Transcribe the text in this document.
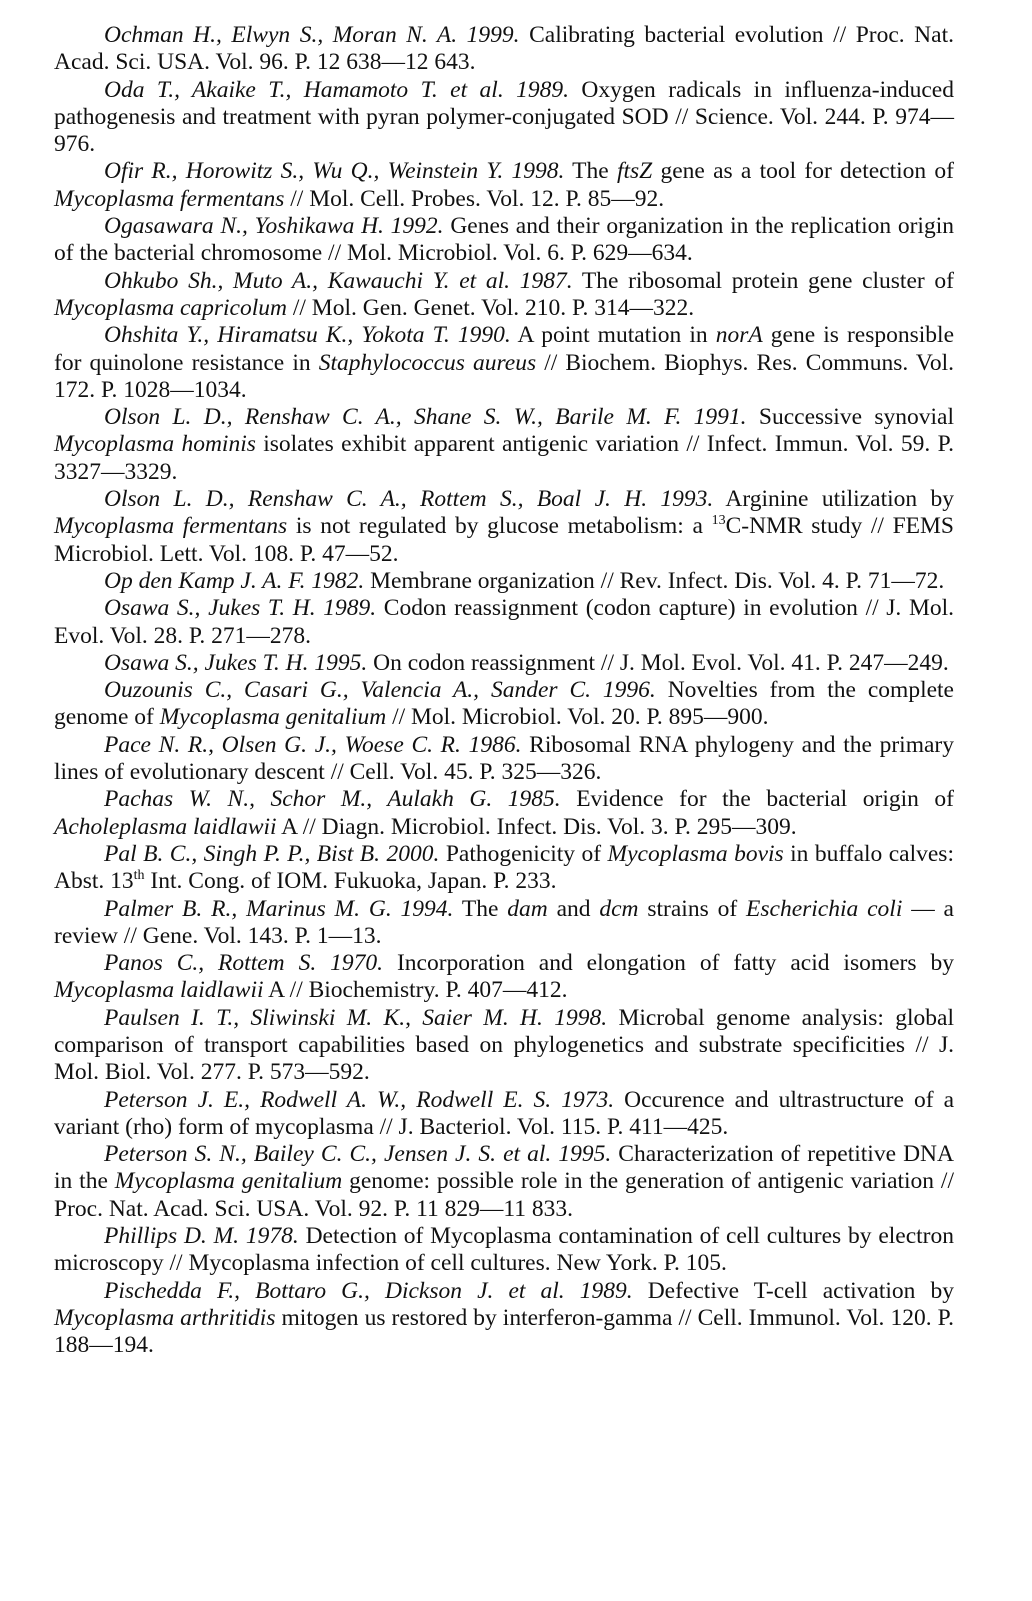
Ochman H., Elwyn S., Moran N. A. 1999. Calibrating bacterial evolution // Proc. Nat. Acad. Sci. USA. Vol. 96. P. 12 638—12 643.

Oda T., Akaike T., Hamamoto T. et al. 1989. Oxygen radicals in influenza-induced pathogenesis and treatment with pyran polymer-conjugated SOD // Science. Vol. 244. P. 974—976.

Ofir R., Horowitz S., Wu Q., Weinstein Y. 1998. The ftsZ gene as a tool for detection of Mycoplasma fermentans // Mol. Cell. Probes. Vol. 12. P. 85—92.

Ogasawara N., Yoshikawa H. 1992. Genes and their organization in the replication origin of the bacterial chromosome // Mol. Microbiol. Vol. 6. P. 629—634.

Ohkubo Sh., Muto A., Kawauchi Y. et al. 1987. The ribosomal protein gene cluster of Mycoplasma capricolum // Mol. Gen. Genet. Vol. 210. P. 314—322.

Ohshita Y., Hiramatsu K., Yokota T. 1990. A point mutation in norA gene is responsible for quinolone resistance in Staphylococcus aureus // Biochem. Biophys. Res. Communs. Vol. 172. P. 1028—1034.

Olson L. D., Renshaw C. A., Shane S. W., Barile M. F. 1991. Successive synovial Mycoplasma hominis isolates exhibit apparent antigenic variation // Infect. Immun. Vol. 59. P. 3327—3329.

Olson L. D., Renshaw C. A., Rottem S., Boal J. H. 1993. Arginine utilization by Mycoplasma fermentans is not regulated by glucose metabolism: a $^{13}$C-NMR study // FEMS Microbiol. Lett. Vol. 108. P. 47—52.

Op den Kamp J. A. F. 1982. Membrane organization // Rev. Infect. Dis. Vol. 4. P. 71—72.

Osawa S., Jukes T. H. 1989. Codon reassignment (codon capture) in evolution // J. Mol. Evol. Vol. 28. P. 271—278.

Osawa S., Jukes T. H. 1995. On codon reassignment // J. Mol. Evol. Vol. 41. P. 247—249.

Ouzounis C., Casari G., Valencia A., Sander C. 1996. Novelties from the complete genome of Mycoplasma genitalium // Mol. Microbiol. Vol. 20. P. 895—900.

Pace N. R., Olsen G. J., Woese C. R. 1986. Ribosomal RNA phylogeny and the primary lines of evolutionary descent // Cell. Vol. 45. P. 325—326.

Pachas W. N., Schor M., Aulakh G. 1985. Evidence for the bacterial origin of Acholeplasma laidlawii A // Diagn. Microbiol. Infect. Dis. Vol. 3. P. 295—309.

Pal B. C., Singh P. P., Bist B. 2000. Pathogenicity of Mycoplasma bovis in buffalo calves: Abst. 13th Int. Cong. of IOM. Fukuoka, Japan. P. 233.

Palmer B. R., Marinus M. G. 1994. The dam and dcm strains of Escherichia coli — a review // Gene. Vol. 143. P. 1—13.

Panos C., Rottem S. 1970. Incorporation and elongation of fatty acid isomers by Mycoplasma laidlawii A // Biochemistry. P. 407—412.

Paulsen I. T., Sliwinski M. K., Saier M. H. 1998. Microbal genome analysis: global comparison of transport capabilities based on phylogenetics and substrate specificities // J. Mol. Biol. Vol. 277. P. 573—592.

Peterson J. E., Rodwell A. W., Rodwell E. S. 1973. Occurence and ultrastructure of a variant (rho) form of mycoplasma // J. Bacteriol. Vol. 115. P. 411—425.

Peterson S. N., Bailey C. C., Jensen J. S. et al. 1995. Characterization of repetitive DNA in the Mycoplasma genitalium genome: possible role in the generation of antigenic variation // Proc. Nat. Acad. Sci. USA. Vol. 92. P. 11 829—11 833.

Phillips D. M. 1978. Detection of Mycoplasma contamination of cell cultures by electron microscopy // Mycoplasma infection of cell cultures. New York. P. 105.

Pischedda F., Bottaro G., Dickson J. et al. 1989. Defective T-cell activation by Mycoplasma arthritidis mitogen us restored by interferon-gamma // Cell. Immunol. Vol. 120. P. 188—194.
